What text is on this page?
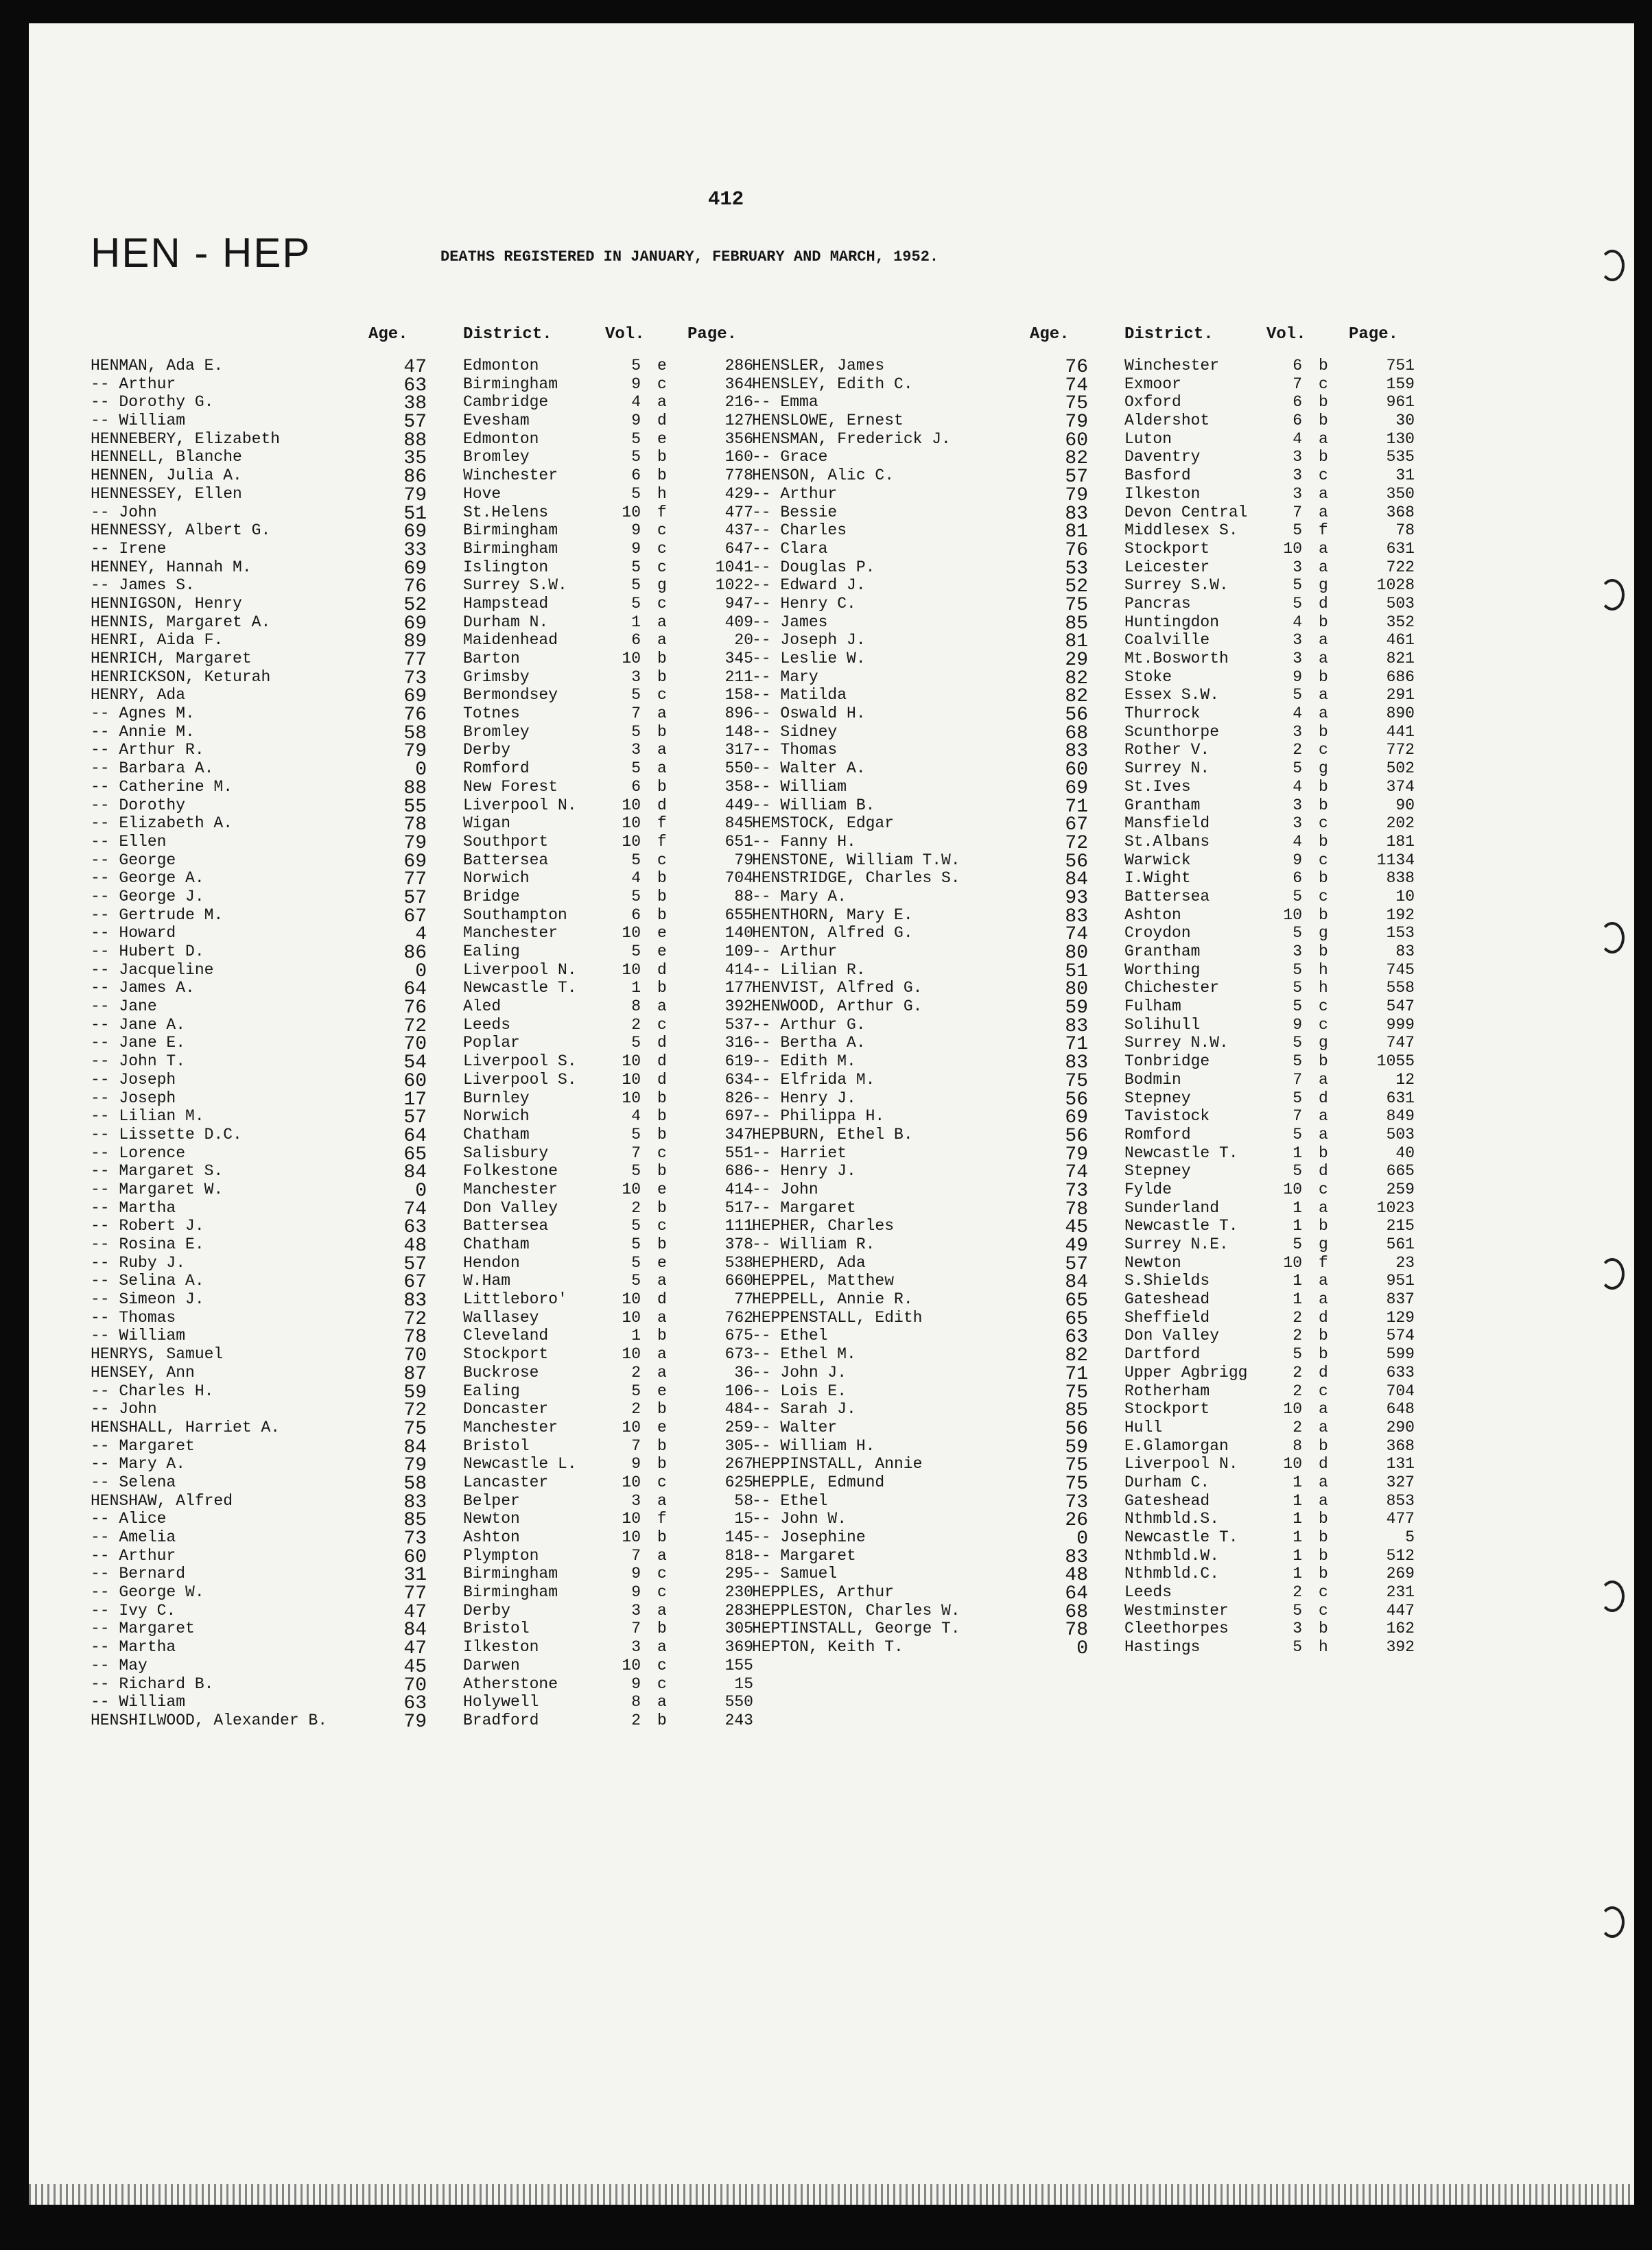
412
HEN - HEP	DEATHS REGISTERED IN JANUARY, FEBRUARY AND MARCH, 1952.
Age.	District.	Vol.	Page.
HENMAN, Ada E.	47 Edmonton	5 e	286
-- Arthur	63 Birmingham	9 c	364
-- Dorothy G.	38 Cambridge	4 a	216
-- William	57 Evesham	9 d	127
HENNEBERY, Elizabeth	88 Edmonton	5 e	356
HENNELL, Blanche	35 Bromley	5 b	160
HENNEN, Julia A.	86 Winchester	6 b	778
HENNESSEY, Ellen	79 Hove	5 h	429
-- John	51 St.Helens	10 f	477
HENNESSY, Albert G.	69 Birmingham	9 c	437
-- Irene	33 Birmingham	9 c	647
HENNEY, Hannah M.	69 Islington	5 c	1041
-- James S.	76 Surrey S.W.	5 g	1022
HENNIGSON, Henry	52 Hampstead	5 c	947
HENNIS, Margaret A.	69 Durham N.	1 a	409
HENRI, Aida F.	89 Maidenhead	6 a	20
HENRICH, Margaret	77 Barton	10 b	345
HENRICKSON, Keturah	73 Grimsby	3 b	211
HENRY, Ada	69 Bermondsey	5 c	158
-- Agnes M.	76 Totnes	7 a	896
-- Annie M.	58 Bromley	5 b	148
-- Arthur R.	79 Derby	3 a	317
-- Barbara A.	0 Romford	5 a	550
-- Catherine M.	88 New Forest	6 b	358
-- Dorothy	55 Liverpool N.	10 d	449
-- Elizabeth A.	78 Wigan	10 f	845
-- Ellen	79 Southport	10 f	651
-- George	69 Battersea	5 c	79
-- George A.	77 Norwich	4 b	704
-- George J.	57 Bridge	5 b	88
-- Gertrude M.	67 Southampton	6 b	655
-- Howard	4 Manchester	10 e	140
-- Hubert D.	86 Ealing	5 e	109
-- Jacqueline	0 Liverpool N.	10 d	414
-- James A.	64 Newcastle T.	1 b	177
-- Jane	76 Aled	8 a	392
-- Jane A.	72 Leeds	2 c	537
-- Jane E.	70 Poplar	5 d	316
-- John T.	54 Liverpool S.	10 d	619
-- Joseph	60 Liverpool S.	10 d	634
-- Joseph	17 Burnley	10 b	826
-- Lilian M.	57 Norwich	4 b	697
-- Lissette D.C.	64 Chatham	5 b	347
-- Lorence	65 Salisbury	7 c	551
-- Margaret S.	84 Folkestone	5 b	686
-- Margaret W.	0 Manchester	10 e	414
-- Martha	74 Don Valley	2 b	517
-- Robert J.	63 Battersea	5 c	111
-- Rosina E.	48 Chatham	5 b	378
-- Ruby J.	57 Hendon	5 e	538
-- Selina A.	67 W.Ham	5 a	660
-- Simeon J.	83 Littleboro'	10 d	77
-- Thomas	72 Wallasey	10 a	762
-- William	78 Cleveland	1 b	675
HENRYS, Samuel	70 Stockport	10 a	673
HENSEY, Ann	87 Buckrose	2 a	36
-- Charles H.	59 Ealing	5 e	106
-- John	72 Doncaster	2 b	484
HENSHALL, Harriet A.	75 Manchester	10 e	259
-- Margaret	84 Bristol	7 b	305
-- Mary A.	79 Newcastle L.	9 b	267
-- Selena	58 Lancaster	10 c	625
HENSHAW, Alfred	83 Belper	3 a	58
-- Alice	85 Newton	10 f	15
-- Amelia	73 Ashton	10 b	145
-- Arthur	60 Plympton	7 a	818
-- Bernard	31 Birmingham	9 c	295
-- George W.	77 Birmingham	9 c	230
-- Ivy C.	47 Derby	3 a	283
-- Margaret	84 Bristol	7 b	305
-- Martha	47 Ilkeston	3 a	369
-- May	45 Darwen	10 c	155
-- Richard B.	70 Atherstone	9 c	15
-- William	63 Holywell	8 a	550
HENSHILWOOD, Alexander B.	79 Bradford	2 b	243
Age.	District.	Vol.	Page.
HENSLER, James	76 Winchester	6 b	751
HENSLEY, Edith C.	74 Exmoor	7 c	159
-- Emma	75 Oxford	6 b	961
HENSLOWE, Ernest	79 Aldershot	6 b	30
HENSMAN, Frederick J.	60 Luton	4 a	130
-- Grace	82 Daventry	3 b	535
HENSON, Alic C.	57 Basford	3 c	31
-- Arthur	79 Ilkeston	3 a	350
-- Bessie	83 Devon Central	7 a	368
-- Charles	81 Middlesex S.	5 f	78
-- Clara	76 Stockport	10 a	631
-- Douglas P.	53 Leicester	3 a	722
-- Edward J.	52 Surrey S.W.	5 g	1028
-- Henry C.	75 Pancras	5 d	503
-- James	85 Huntingdon	4 b	352
-- Joseph J.	81 Coalville	3 a	461
-- Leslie W.	29 Mt.Bosworth	3 a	821
-- Mary	82 Stoke	9 b	686
-- Matilda	82 Essex S.W.	5 a	291
-- Oswald H.	56 Thurrock	4 a	890
-- Sidney	68 Scunthorpe	3 b	441
-- Thomas	83 Rother V.	2 c	772
-- Walter A.	60 Surrey N.	5 g	502
-- William	69 St.Ives	4 b	374
-- William B.	71 Grantham	3 b	90
HEMSTOCK, Edgar	67 Mansfield	3 c	202
-- Fanny H.	72 St.Albans	4 b	181
HENSTONE, William T.W.	56 Warwick	9 c	1134
HENSTRIDGE, Charles S.	84 I.Wight	6 b	838
-- Mary A.	93 Battersea	5 c	10
HENTHORN, Mary E.	83 Ashton	10 b	192
HENTON, Alfred G.	74 Croydon	5 g	153
-- Arthur	80 Grantham	3 b	83
-- Lilian R.	51 Worthing	5 h	745
HENVIST, Alfred G.	80 Chichester	5 h	558
HENWOOD, Arthur G.	59 Fulham	5 c	547
-- Arthur G.	83 Solihull	9 c	999
-- Bertha A.	71 Surrey N.W.	5 g	747
-- Edith M.	83 Tonbridge	5 b	1055
-- Elfrida M.	75 Bodmin	7 a	12
-- Henry J.	56 Stepney	5 d	631
-- Philippa H.	69 Tavistock	7 a	849
HEPBURN, Ethel B.	56 Romford	5 a	503
-- Harriet	79 Newcastle T.	1 b	40
-- Henry J.	74 Stepney	5 d	665
-- John	73 Fylde	10 c	259
-- Margaret	78 Sunderland	1 a	1023
HEPHER, Charles	45 Newcastle T.	1 b	215
-- William R.	49 Surrey N.E.	5 g	561
HEPHERD, Ada	57 Newton	10 f	23
HEPPEL, Matthew	84 S.Shields	1 a	951
HEPPELL, Annie R.	65 Gateshead	1 a	837
HEPPENSTALL, Edith	65 Sheffield	2 d	129
-- Ethel	63 Don Valley	2 b	574
-- Ethel M.	82 Dartford	5 b	599
-- John J.	71 Upper Agbrigg	2 d	633
-- Lois E.	75 Rotherham	2 c	704
-- Sarah J.	85 Stockport	10 a	648
-- Walter	56 Hull	2 a	290
-- William H.	59 E.Glamorgan	8 b	368
HEPPINSTALL, Annie	75 Liverpool N.	10 d	131
HEPPLE, Edmund	75 Durham C.	1 a	327
-- Ethel	73 Gateshead	1 a	853
-- John W.	26 Nthmbld.S.	1 b	477
-- Josephine	0 Newcastle T.	1 b	5
-- Margaret	83 Nthmbld.W.	1 b	512
-- Samuel	48 Nthmbld.C.	1 b	269
HEPPLES, Arthur	64 Leeds	2 c	231
HEPPLESTON, Charles W.	68 Westminster	5 c	447
HEPTINSTALL, George T.	78 Cleethorpes	3 b	162
HEPTON, Keith T.	0 Hastings	5 h	392
